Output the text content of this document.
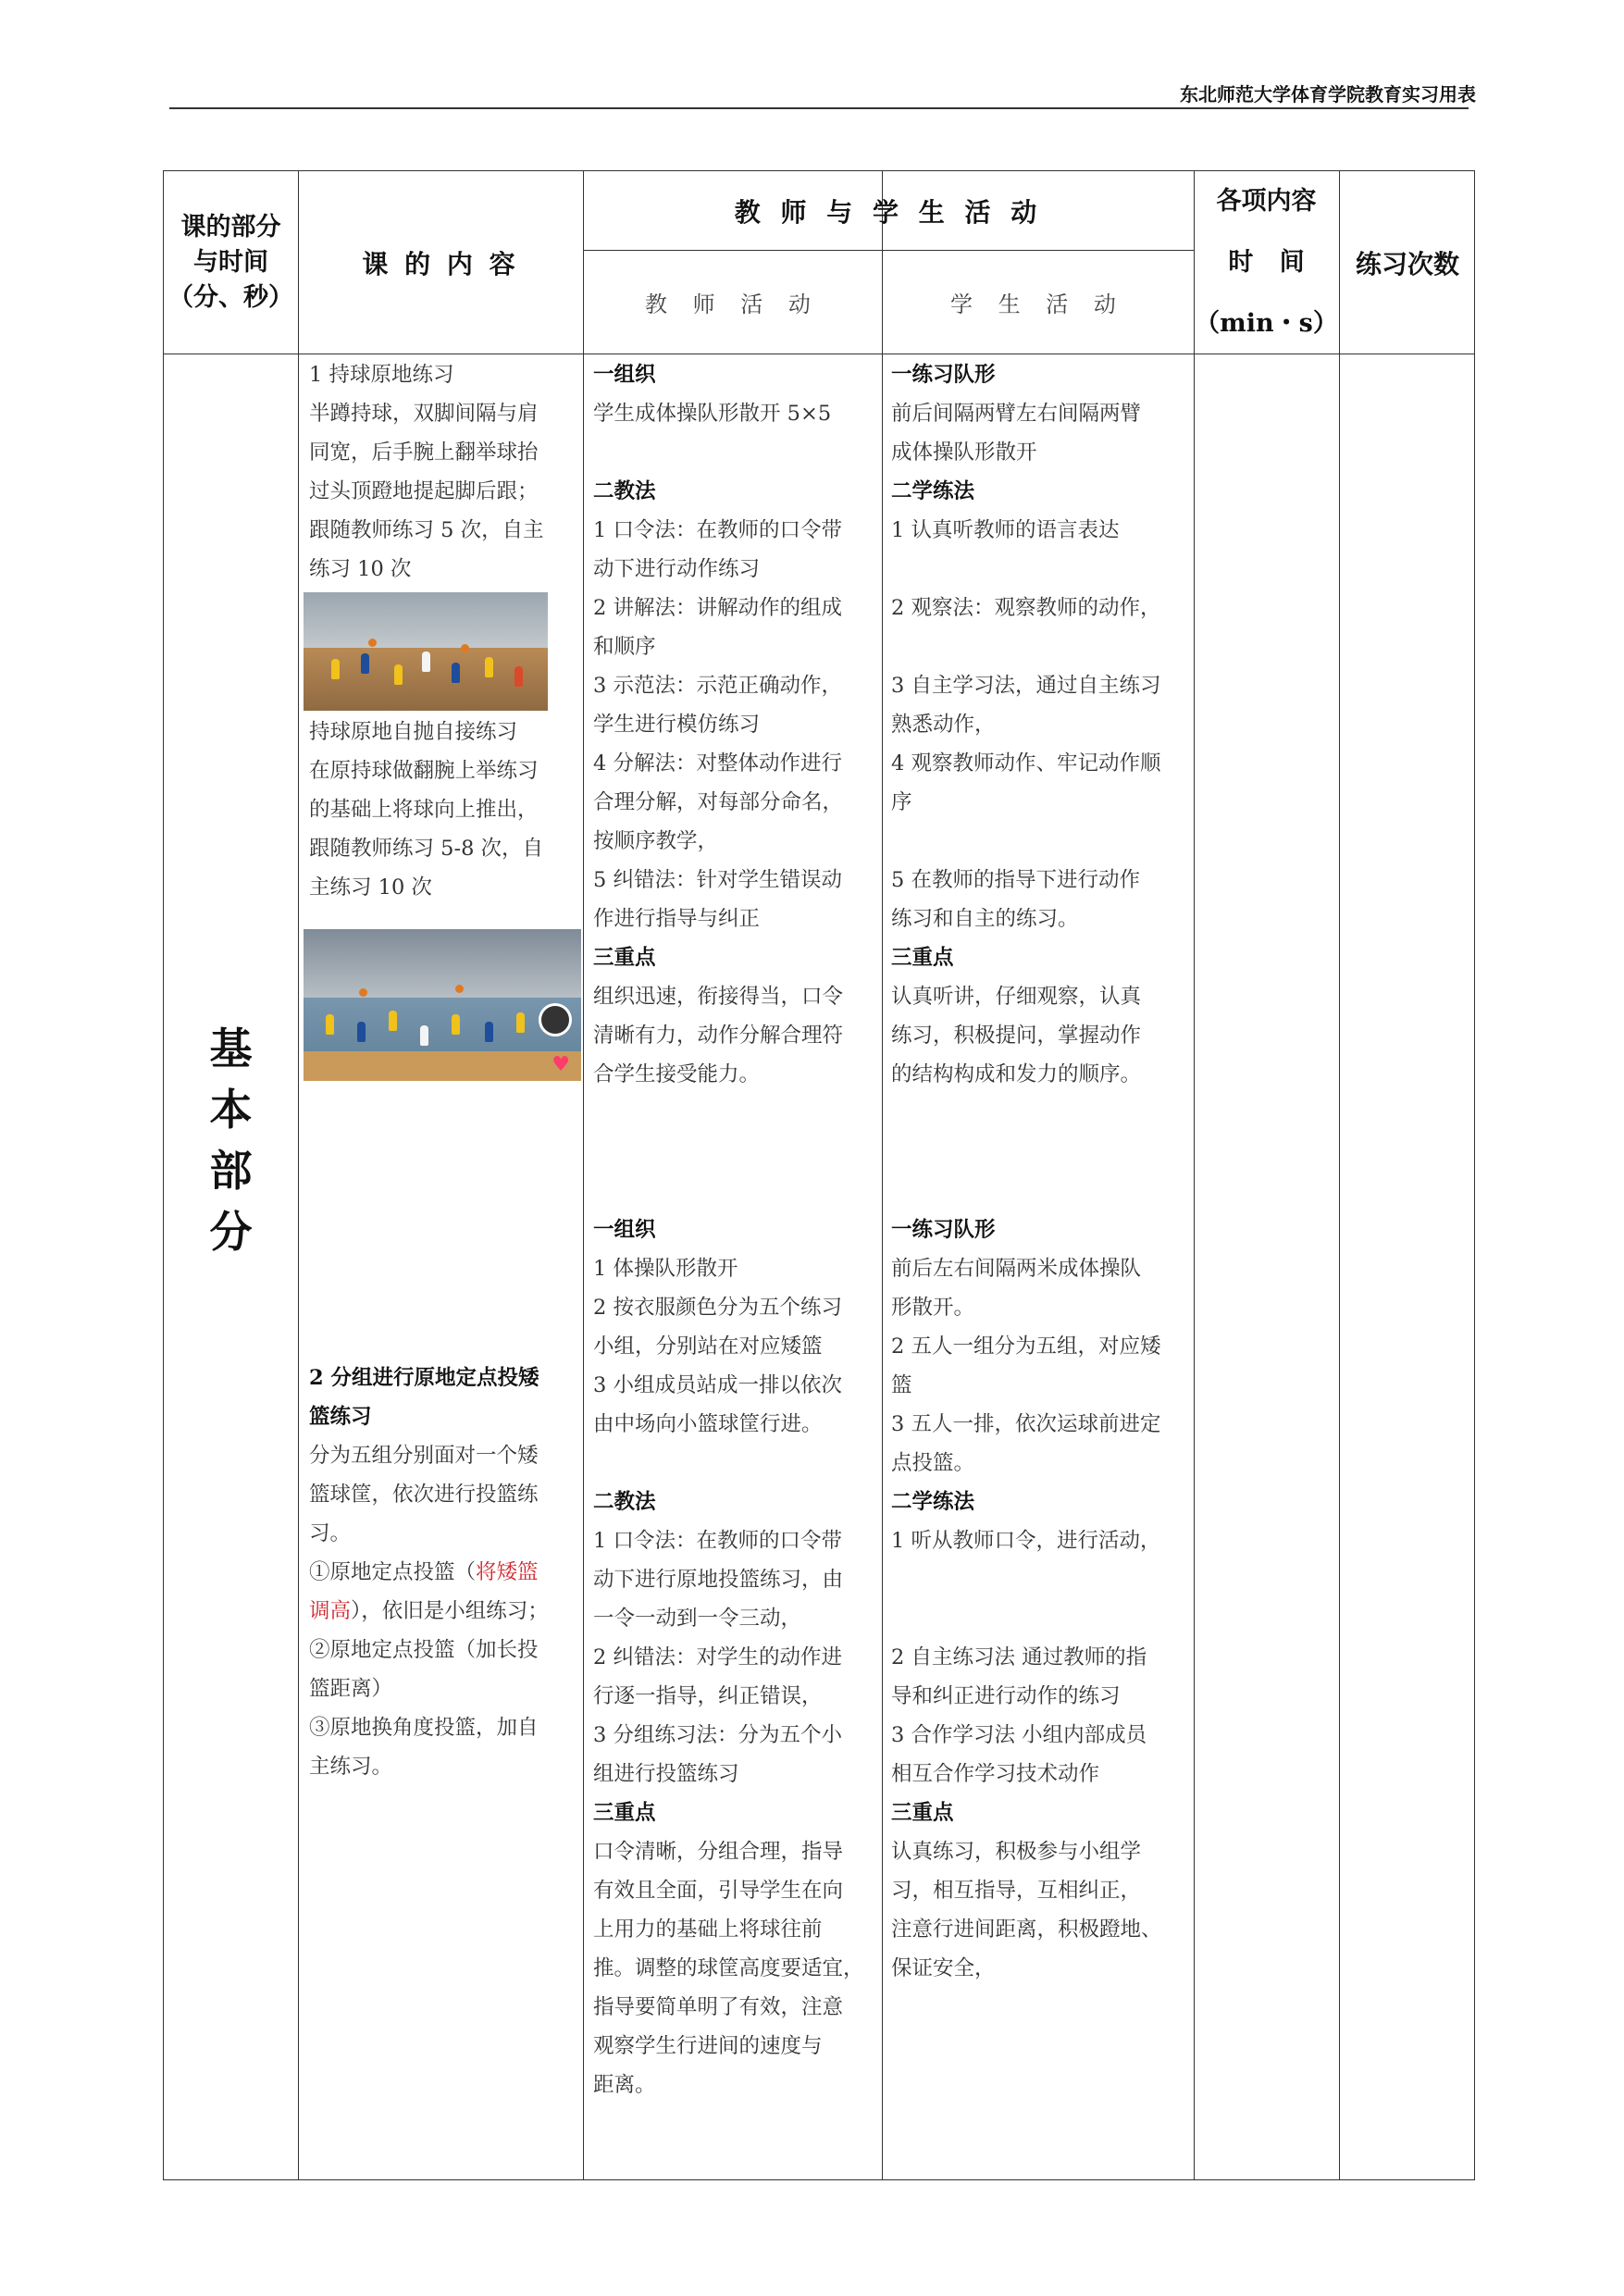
东北师范大学体育学院教育实习用表
课的部分
与时间
（分、秒）
课 的 内 容
教 师 与 学 生 活 动
教 师 活 动	学 生 活 动
各项内容
时   间
（min・s）
练习次数
基
本
部
分

1 持球原地练习

半蹲持球，双脚间隔与肩

同宽，后手腕上翻举球抬

过头顶蹬地提起脚后跟；

跟随教师练习 5 次，自主

练习 10 次

持球原地自抛自接练习

在原持球做翻腕上举练习

的基础上将球向上推出，

跟随教师练习 5-8 次，自

主练习 10 次

♥

2 分组进行原地定点投矮

篮练习

分为五组分别面对一个矮

篮球筐，依次进行投篮练

习。

①原地定点投篮（将矮篮

调高），依旧是小组练习；

②原地定点投篮（加长投

篮距离）

③原地换角度投篮，加自

主练习。

一组织

学生成体操队形散开 5×5

二教法

1 口令法：在教师的口令带

动下进行动作练习

2 讲解法：讲解动作的组成

和顺序

3 示范法：示范正确动作，

学生进行模仿练习

4 分解法：对整体动作进行

合理分解，对每部分命名，

按顺序教学，

5 纠错法：针对学生错误动

作进行指导与纠正

三重点

组织迅速，衔接得当，口令

清晰有力，动作分解合理符

合学生接受能力。

一组织

1 体操队形散开

2 按衣服颜色分为五个练习

小组，分别站在对应矮篮

3 小组成员站成一排以依次

由中场向小篮球筐行进。

二教法

1 口令法：在教师的口令带

动下进行原地投篮练习，由

一令一动到一令三动，

2 纠错法：对学生的动作进

行逐一指导，纠正错误，

3 分组练习法：分为五个小

组进行投篮练习

三重点

口令清晰，分组合理，指导

有效且全面，引导学生在向

上用力的基础上将球往前

推。调整的球筐高度要适宜，

指导要简单明了有效，注意

观察学生行进间的速度与

距离。

一练习队形

前后间隔两臂左右间隔两臂

成体操队形散开

二学练法

1 认真听教师的语言表达

2 观察法：观察教师的动作，

3 自主学习法，通过自主练习

熟悉动作，

4 观察教师动作、牢记动作顺

序

5 在教师的指导下进行动作

练习和自主的练习。

三重点

认真听讲，仔细观察，认真

练习，积极提问，掌握动作

的结构构成和发力的顺序。

一练习队形

前后左右间隔两米成体操队

形散开。

2 五人一组分为五组，对应矮

篮

3 五人一排，依次运球前进定

点投篮。

二学练法

1 听从教师口令，进行活动，

2 自主练习法 通过教师的指

导和纠正进行动作的练习

3 合作学习法 小组内部成员

相互合作学习技术动作

三重点

认真练习，积极参与小组学

习，相互指导，互相纠正，

注意行进间距离，积极蹬地、

保证安全，
